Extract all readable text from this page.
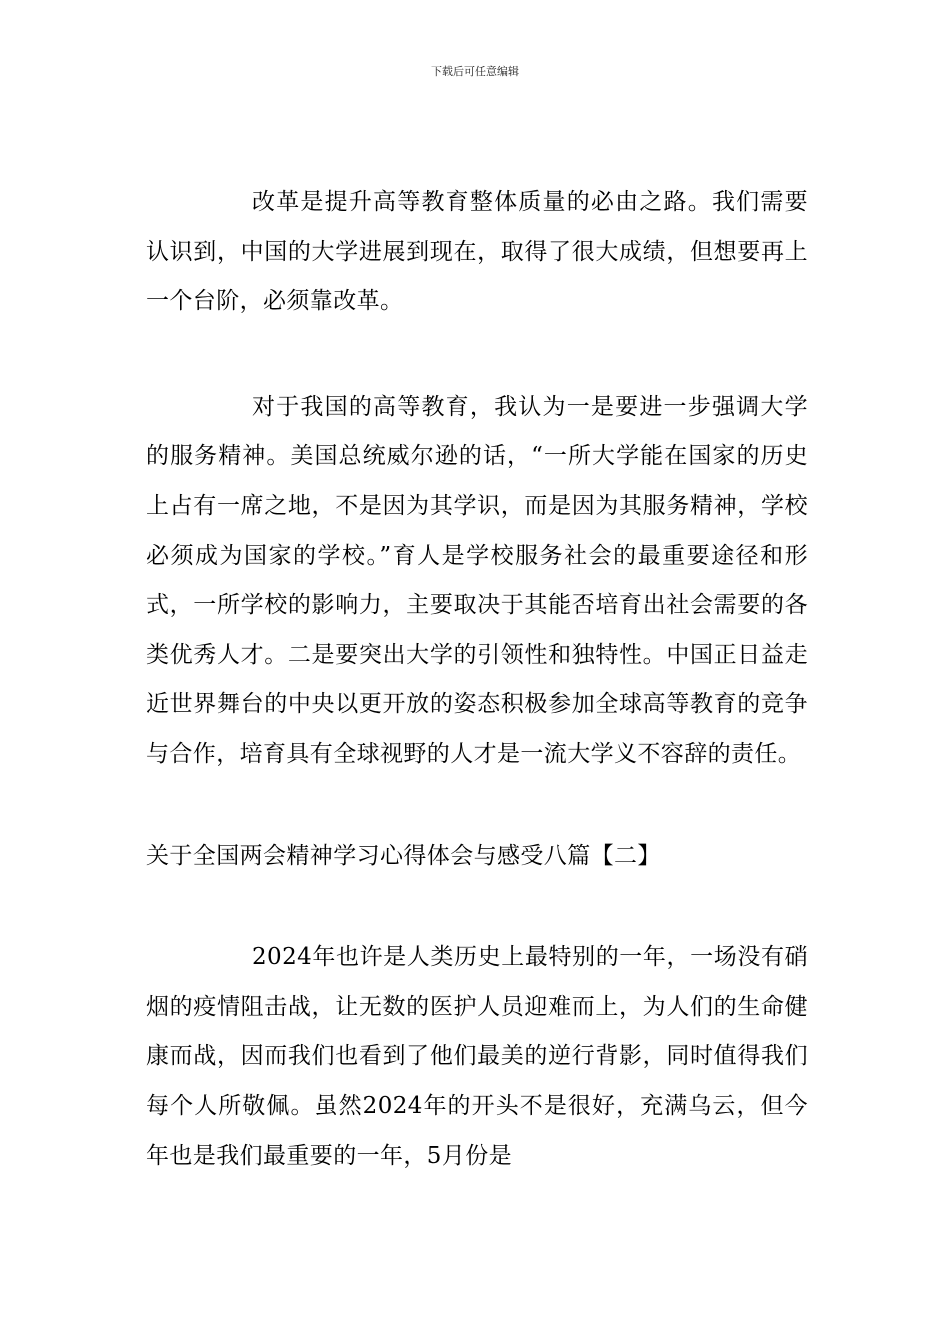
下载后可任意编辑

改革是提升高等教育整体质量的必由之路。我们需要认识到，中国的大学进展到现在，取得了很大成绩，但想要再上一个台阶，必须靠改革。

对于我国的高等教育，我认为一是要进一步强调大学的服务精神。美国总统威尔逊的话，“一所大学能在国家的历史上占有一席之地，不是因为其学识，而是因为其服务精神，学校必须成为国家的学校。”育人是学校服务社会的最重要途径和形式，一所学校的影响力，主要取决于其能否培育出社会需要的各类优秀人才。二是要突出大学的引领性和独特性。中国正日益走近世界舞台的中央以更开放的姿态积极参加全球高等教育的竞争与合作，培育具有全球视野的人才是一流大学义不容辞的责任。

关于全国两会精神学习心得体会与感受八篇【二】

2024年也许是人类历史上最特别的一年，一场没有硝烟的疫情阻击战，让无数的医护人员迎难而上，为人们的生命健康而战，因而我们也看到了他们最美的逆行背影，同时值得我们每个人所敬佩。虽然2024年的开头不是很好，充满乌云，但今年也是我们最重要的一年，5月份是
